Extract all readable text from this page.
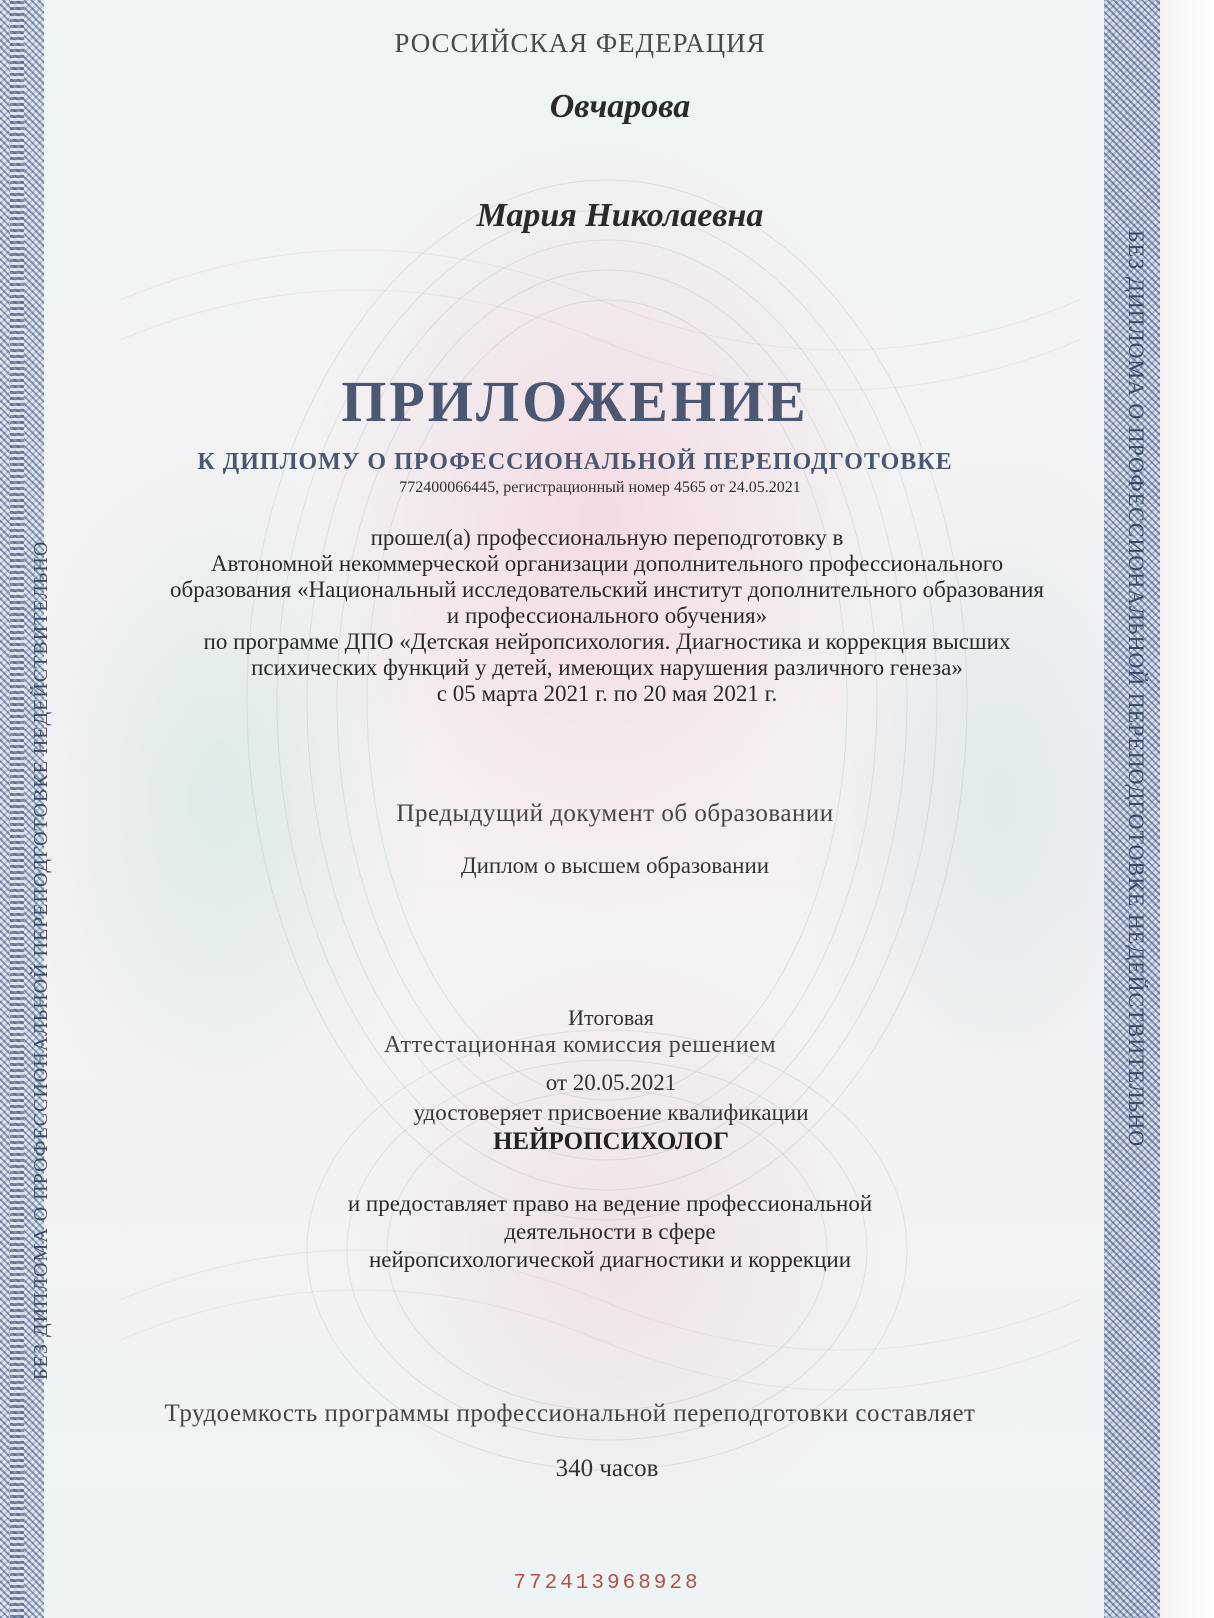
БЕЗ ДИПЛОМА О ПРОФЕССИОНАЛЬНОЙ ПЕРЕПОДГОТОВКЕ НЕДЕЙСТВИТЕЛЬНО
БЕЗ ДИПЛОМА О ПРОФЕССИОНАЛЬНОЙ ПЕРЕПОДГОТОВКЕ НЕДЕЙСТВИТЕЛЬНО
РОССИЙСКАЯ ФЕДЕРАЦИЯ
Овчарова
Мария Николаевна
ПРИЛОЖЕНИЕ
К ДИПЛОМУ О ПРОФЕССИОНАЛЬНОЙ ПЕРЕПОДГОТОВКЕ
772400066445, регистрационный номер 4565 от 24.05.2021
прошел(а) профессиональную переподготовку в
Автономной некоммерческой организации дополнительного профессионального
образования «Национальный исследовательский институт дополнительного образования
и профессионального обучения»
по программе ДПО «Детская нейропсихология. Диагностика и коррекция высших
психических функций у детей, имеющих нарушения различного генеза»
с 05 марта 2021 г. по 20 мая 2021 г.
Предыдущий документ об образовании
Диплом о высшем образовании
Итоговая
Аттестационная комиссия решением
от 20.05.2021
удостоверяет присвоение квалификации
НЕЙРОПСИХОЛОГ
и предоставляет право на ведение профессиональной
деятельности в сфере
нейропсихологической диагностики и коррекции
Трудоемкость программы профессиональной переподготовки составляет
340 часов
772413968928
